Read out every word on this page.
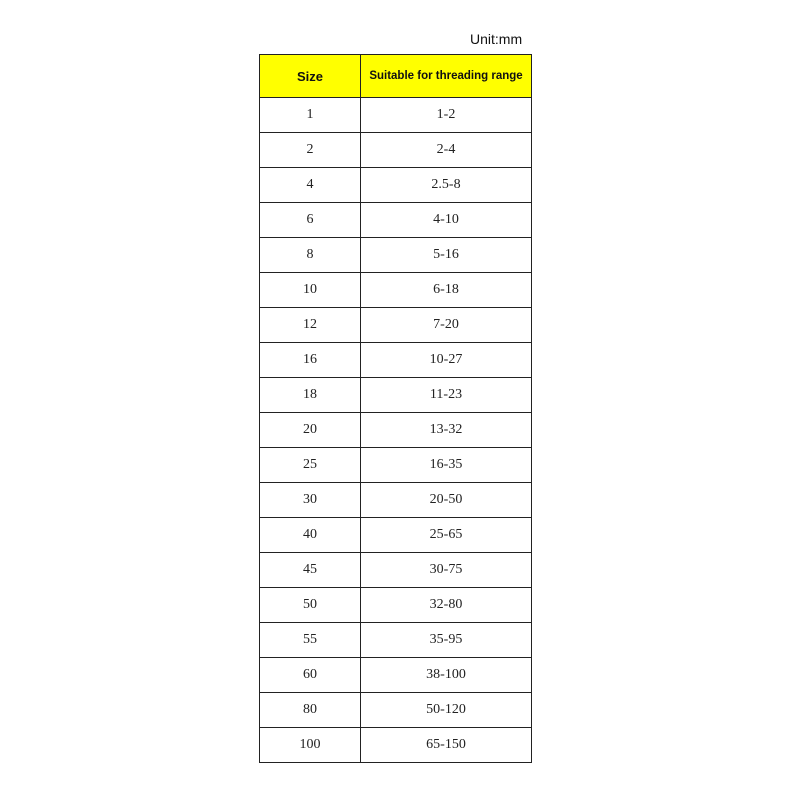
Unit:mm
Size	Suitable for threading range
1	1-2
2	2-4
4	2.5-8
6	4-10
8	5-16
10	6-18
12	7-20
16	10-27
18	11-23
20	13-32
25	16-35
30	20-50
40	25-65
45	30-75
50	32-80
55	35-95
60	38-100
80	50-120
100	65-150
